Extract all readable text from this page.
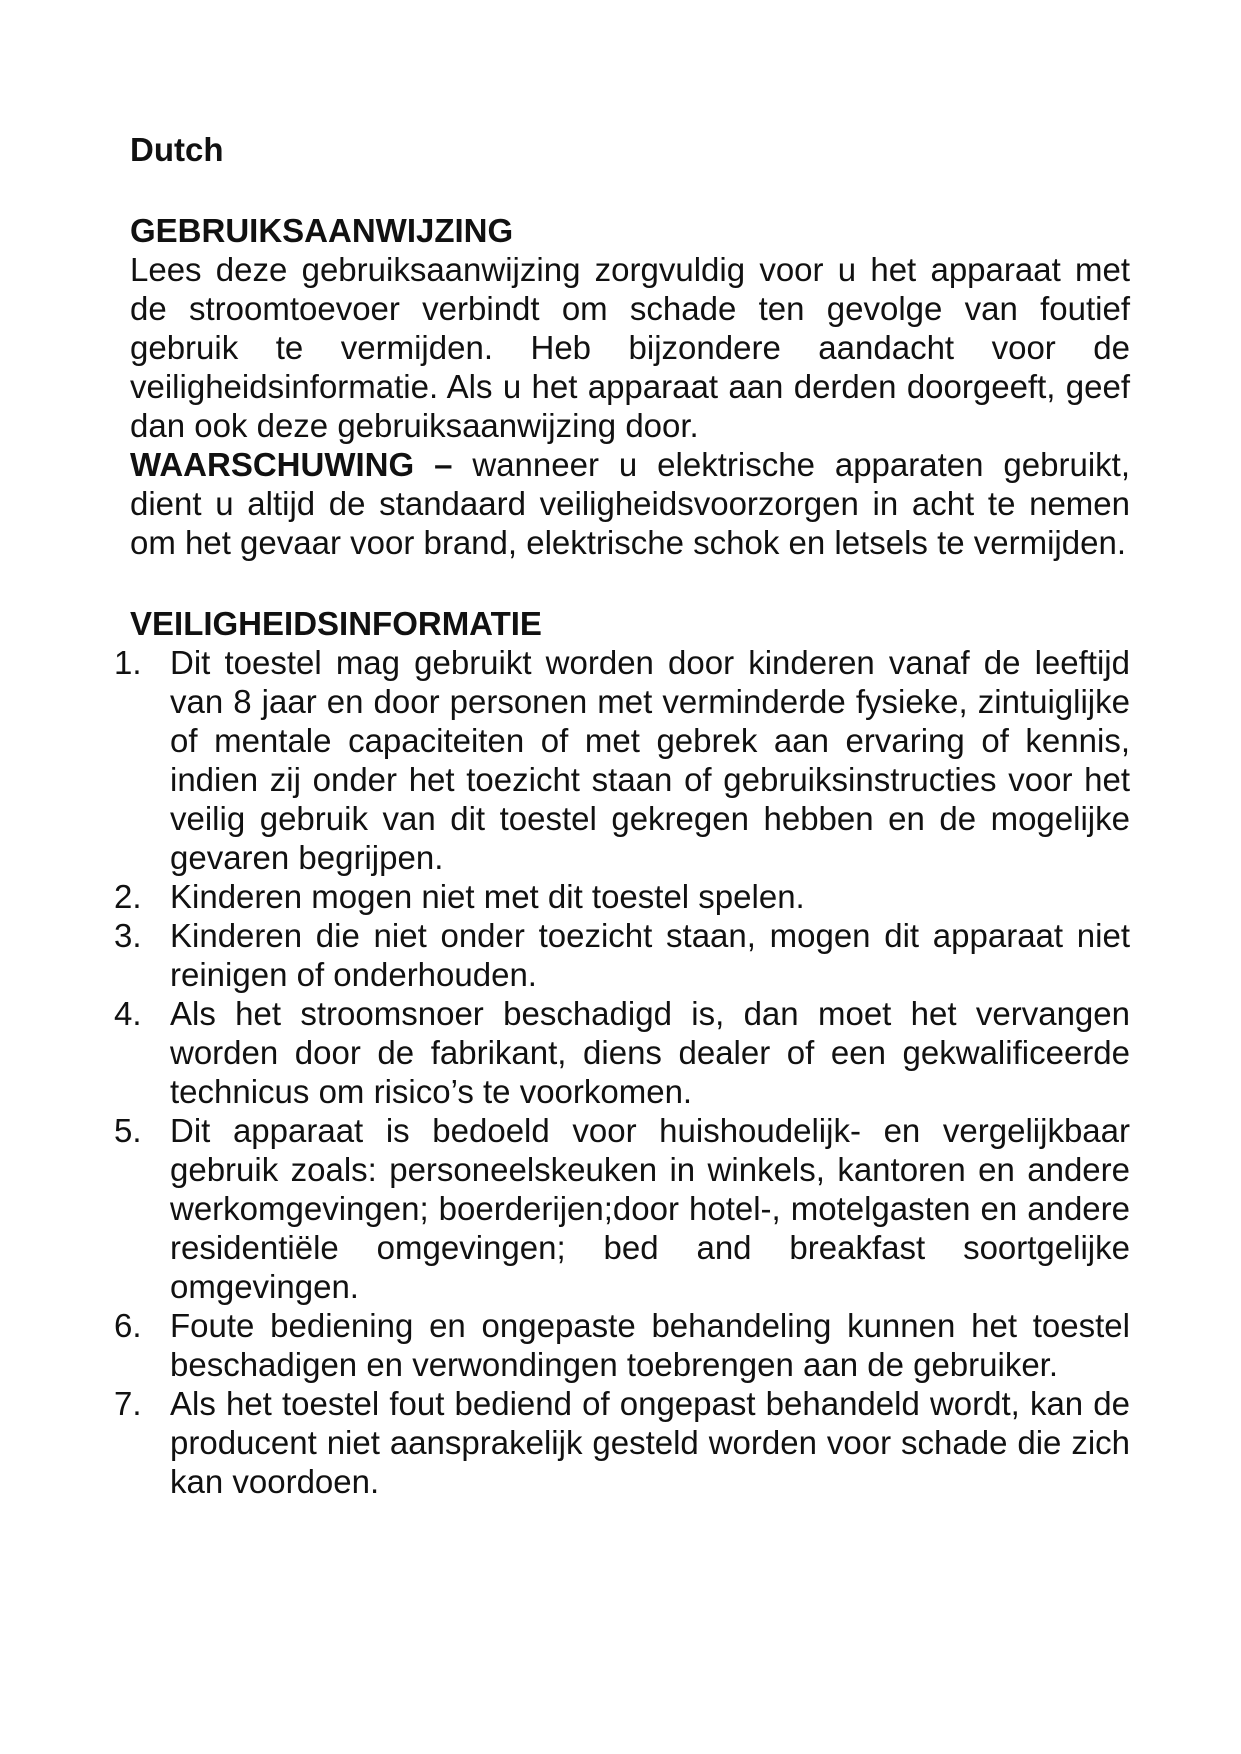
Dutch

GEBRUIKSAANWIJZING

Lees deze gebruiksaanwijzing zorgvuldig voor u het apparaat met de stroomtoevoer verbindt om schade ten gevolge van foutief gebruik te vermijden. Heb bijzondere aandacht voor de veiligheidsinformatie. Als u het apparaat aan derden doorgeeft, geef dan ook deze gebruiksaanwijzing door.

WAARSCHUWING – wanneer u elektrische apparaten gebruikt, dient u altijd de standaard veiligheidsvoorzorgen in acht te nemen om het gevaar voor brand, elektrische schok en letsels te vermijden.

VEILIGHEIDSINFORMATIE

1. Dit toestel mag gebruikt worden door kinderen vanaf de leeftijd van 8 jaar en door personen met verminderde fysieke, zintuiglijke of mentale capaciteiten of met gebrek aan ervaring of kennis, indien zij onder het toezicht staan of gebruiksinstructies voor het veilig gebruik van dit toestel gekregen hebben en de mogelijke gevaren begrijpen.
2. Kinderen mogen niet met dit toestel spelen.
3. Kinderen die niet onder toezicht staan, mogen dit apparaat niet reinigen of onderhouden.
4. Als het stroomsnoer beschadigd is, dan moet het vervangen worden door de fabrikant, diens dealer of een gekwalificeerde technicus om risico’s te voorkomen.
5. Dit apparaat is bedoeld voor huishoudelijk- en vergelijkbaar gebruik zoals: personeelskeuken in winkels, kantoren en andere werkomgevingen; boerderijen;door hotel-, motelgasten en andere residentiële omgevingen; bed and breakfast soortgelijke omgevingen.
6. Foute bediening en ongepaste behandeling kunnen het toestel beschadigen en verwondingen toebrengen aan de gebruiker.
7. Als het toestel fout bediend of ongepast behandeld wordt, kan de producent niet aansprakelijk gesteld worden voor schade die zich kan voordoen.
